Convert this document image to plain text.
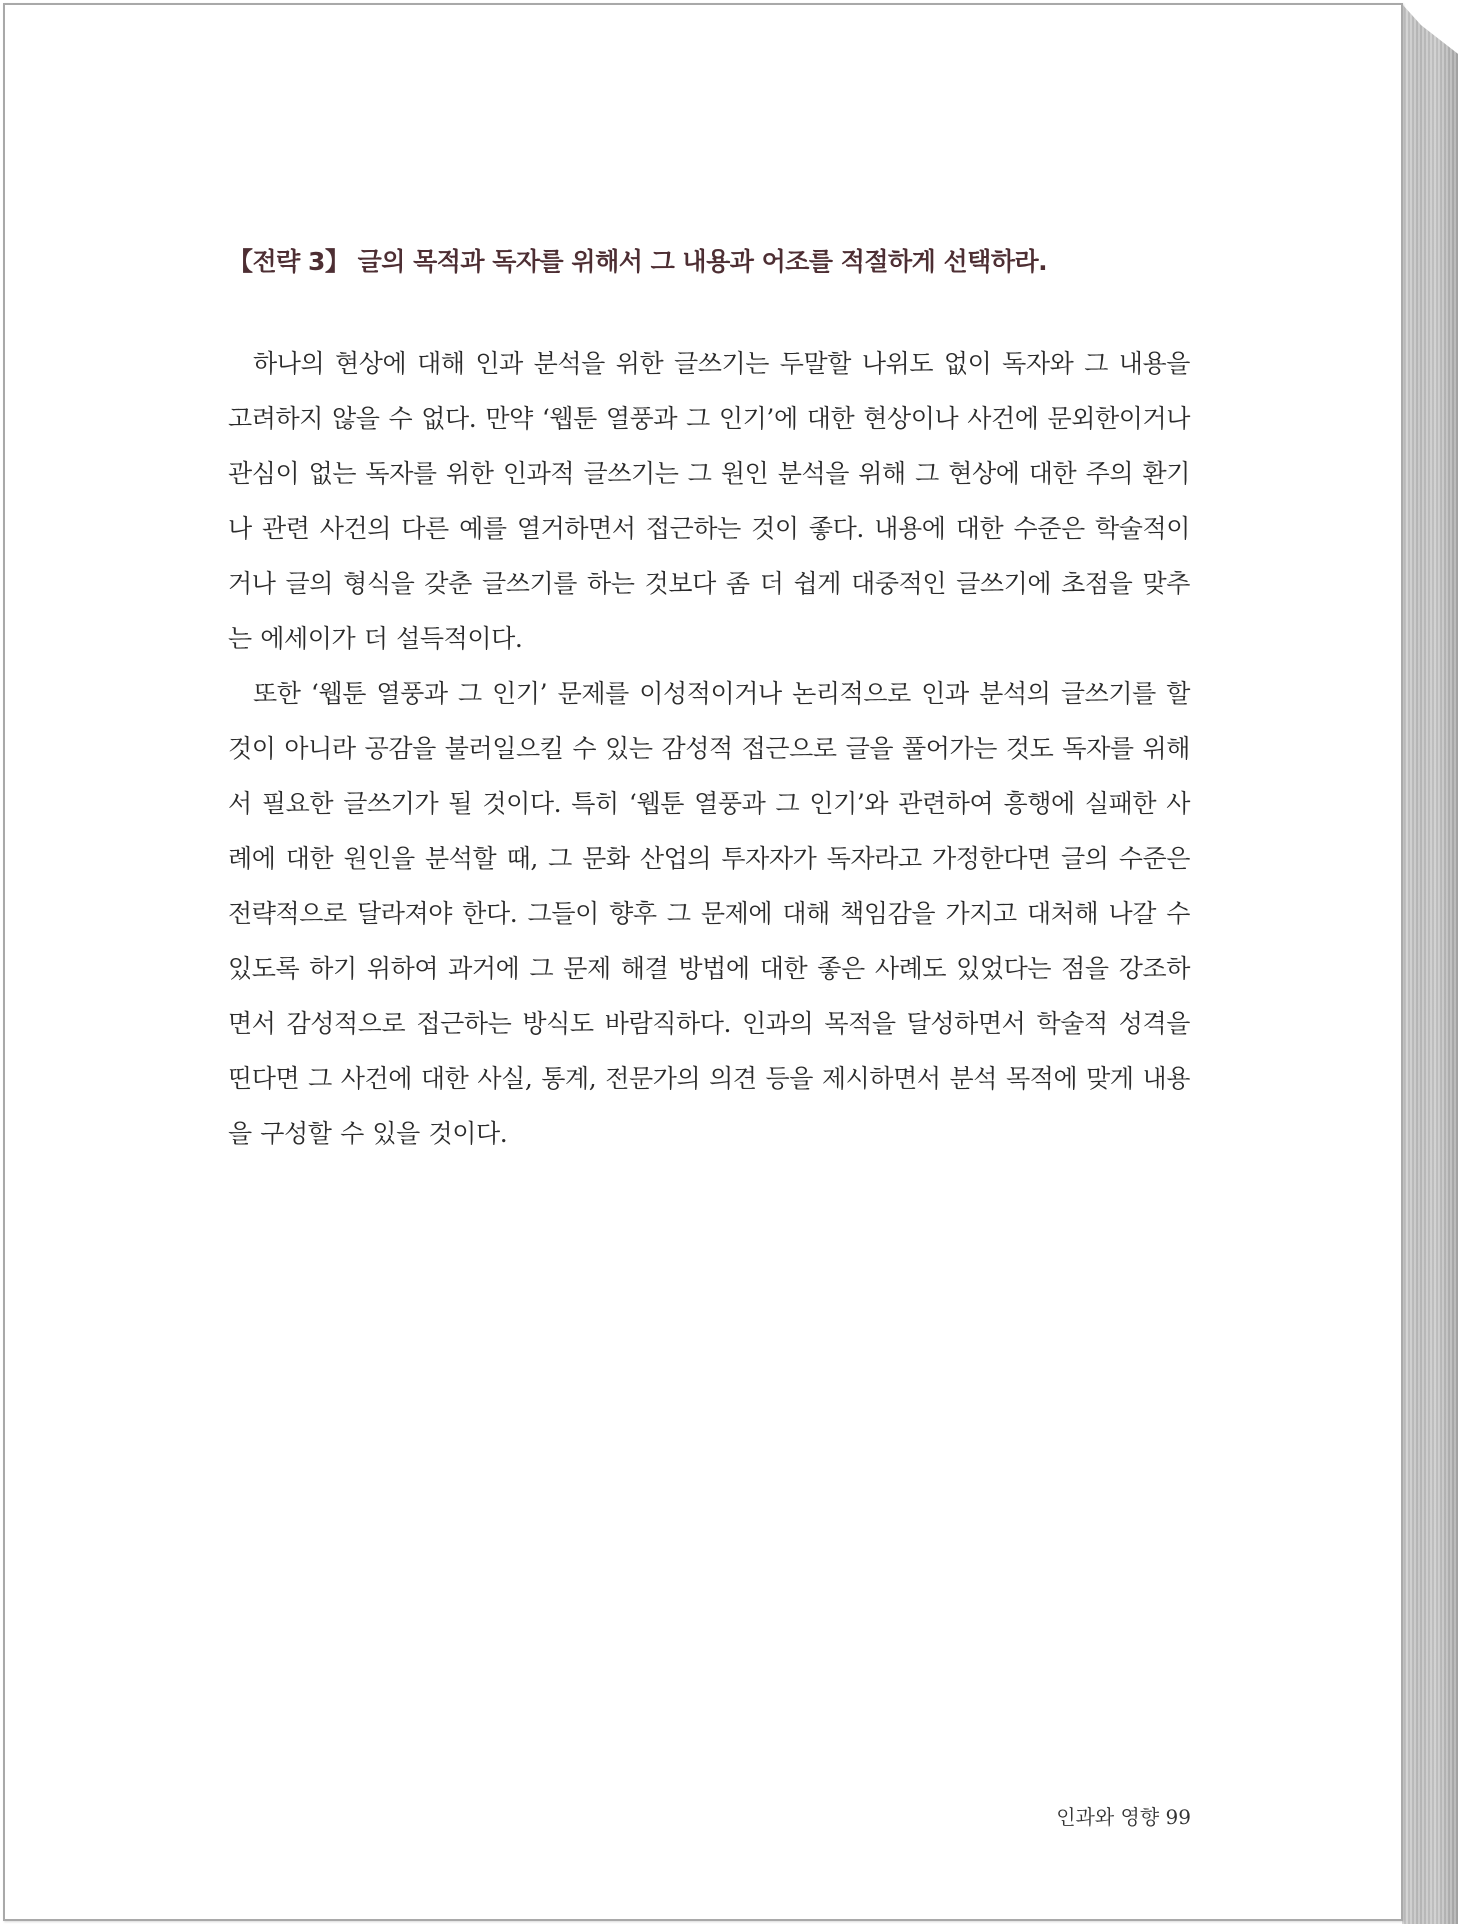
【전략 3】 글의 목적과 독자를 위해서 그 내용과 어조를 적절하게 선택하라.

하나의 현상에 대해 인과 분석을 위한 글쓰기는 두말할 나위도 없이 독자와 그 내용을 고려하지 않을 수 없다. 만약 ‘웹툰 열풍과 그 인기’에 대한 현상이나 사건에 문외한이거나 관심이 없는 독자를 위한 인과적 글쓰기는 그 원인 분석을 위해 그 현상에 대한 주의 환기나 관련 사건의 다른 예를 열거하면서 접근하는 것이 좋다. 내용에 대한 수준은 학술적이거나 글의 형식을 갖춘 글쓰기를 하는 것보다 좀 더 쉽게 대중적인 글쓰기에 초점을 맞추는 에세이가 더 설득적이다.

또한 ‘웹툰 열풍과 그 인기’ 문제를 이성적이거나 논리적으로 인과 분석의 글쓰기를 할 것이 아니라 공감을 불러일으킬 수 있는 감성적 접근으로 글을 풀어가는 것도 독자를 위해서 필요한 글쓰기가 될 것이다. 특히 ‘웹툰 열풍과 그 인기’와 관련하여 흥행에 실패한 사례에 대한 원인을 분석할 때, 그 문화 산업의 투자자가 독자라고 가정한다면 글의 수준은 전략적으로 달라져야 한다. 그들이 향후 그 문제에 대해 책임감을 가지고 대처해 나갈 수 있도록 하기 위하여 과거에 그 문제 해결 방법에 대한 좋은 사례도 있었다는 점을 강조하면서 감성적으로 접근하는 방식도 바람직하다. 인과의 목적을 달성하면서 학술적 성격을 띤다면 그 사건에 대한 사실, 통계, 전문가의 의견 등을 제시하면서 분석 목적에 맞게 내용을 구성할 수 있을 것이다.

인과와 영향 99
